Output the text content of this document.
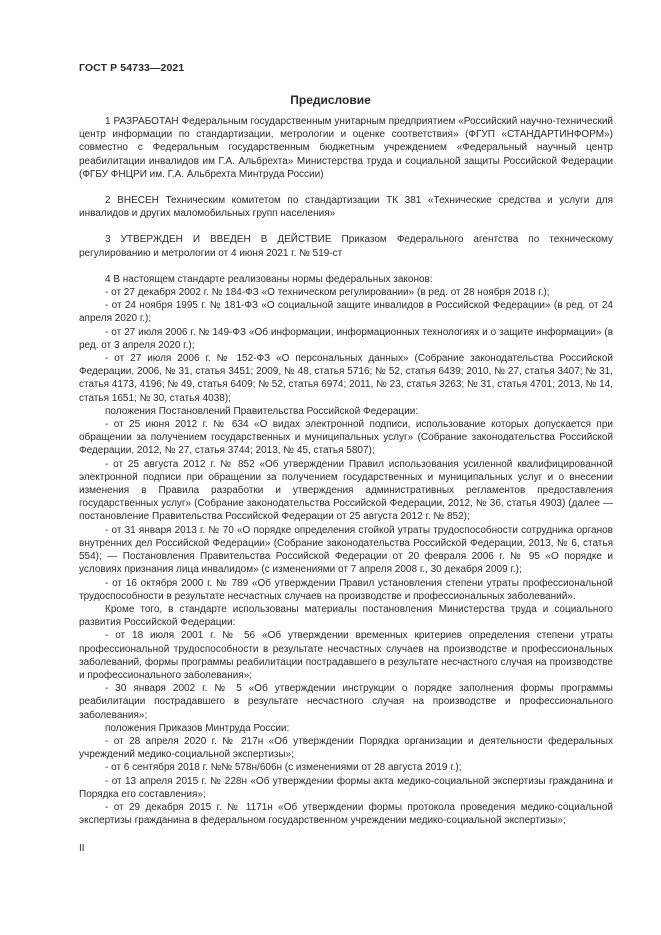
ГОСТ Р 54733—2021
Предисловие

1 РАЗРАБОТАН Федеральным государственным унитарным предприятием «Российский научно-технический центр информации по стандартизации, метрологии и оценке соответствия» (ФГУП «СТАНДАРТИНФОРМ») совместно с Федеральным государственным бюджетным учреждением «Федеральный научный центр реабилитации инвалидов им Г.А. Альбрехта» Министерства труда и социальной защиты Российской Федерации (ФГБУ ФНЦРИ им. Г.А. Альбрехта Минтруда России)

2 ВНЕСЕН Техническим комитетом по стандартизации ТК 381 «Технические средства и услуги для инвалидов и других маломобильных групп населения»

3 УТВЕРЖДЕН И ВВЕДЕН В ДЕЙСТВИЕ Приказом Федерального агентства по техническому регулированию и метрологии от 4 июня 2021 г. № 519-ст

4 В настоящем стандарте реализованы нормы федеральных законов:

- от 27 декабря 2002 г. № 184-ФЗ «О техническом регулировании» (в ред. от 28 ноября 2018 г.);

- от 24 ноября 1995 г. № 181-ФЗ «О социальной защите инвалидов в Российской Федерации» (в ред. от 24 апреля 2020 г.);

- от 27 июля 2006 г. № 149-ФЗ «Об информации, информационных технологиях и о защите информации» (в ред. от 3 апреля 2020 г.);

- от 27 июля 2006 г. № 152-ФЗ «О персональных данных» (Собрание законодательства Российской Федерации, 2006, № 31, статья 3451; 2009, № 48, статья 5716; № 52, статья 6439; 2010, № 27, статья 3407; № 31, статья 4173, 4196; № 49, статья 6409; № 52, статья 6974; 2011, № 23, статья 3263; № 31, статья 4701; 2013, № 14, статья 1651; № 30, статья 4038);

положения Постановлений Правительства Российской Федерации:

- от 25 июня 2012 г. № 634 «О видах электронной подписи, использование которых допускается при обращении за получением государственных и муниципальных услуг» (Собрание законодательства Российской Федерации, 2012, № 27, статья 3744; 2013, № 45, статья 5807);

- от 25 августа 2012 г. № 852 «Об утверждении Правил использования усиленной квалифицированной электронной подписи при обращении за получением государственных и муниципальных услуг и о внесении изменения в Правила разработки и утверждения административных регламентов предоставления государственных услуг» (Собрание законодательства Российской Федерации, 2012, № 36, статья 4903) (далее — постановление Правительства Российской Федерации от 25 августа 2012 г. № 852);

- от 31 января 2013 г. № 70 «О порядке определения стойкой утраты трудоспособности сотрудника органов внутренних дел Российской Федерации» (Собрание законодательства Российской Федерации, 2013, № 6, статья 554); — Постановления Правительства Российской Федерации от 20 февраля 2006 г. № 95 «О порядке и условиях признания лица инвалидом» (с изменениями от 7 апреля 2008 г., 30 декабря 2009 г.);

- от 16 октября 2000 г. № 789 «Об утверждении Правил установления степени утраты профессиональной трудоспособности в результате несчастных случаев на производстве и профессиональных заболеваний».

Кроме того, в стандарте использованы материалы постановления Министерства труда и социального развития Российской Федерации:

- от 18 июля 2001 г. № 56 «Об утверждении временных критериев определения степени утраты профессиональной трудоспособности в результате несчастных случаев на производстве и профессиональных заболеваний, формы программы реабилитации пострадавшего в результате несчастного случая на производстве и профессионального заболевания»;

- 30 января 2002 г. № 5 «Об утверждении инструкции о порядке заполнения формы программы реабилитации пострадавшего в результате несчастного случая на производстве и профессионального заболевания»;

положения Приказов Минтруда России:

- от 28 апреля 2020 г. № 217н «Об утверждении Порядка организации и деятельности федеральных учреждений медико-социальной экспертизы»;

- от 6 сентября 2018 г. №№ 578н/606н (с изменениями от 28 августа 2019 г.);

- от 13 апреля 2015 г. № 228н «Об утверждении формы акта медико-социальной экспертизы гражданина и Порядка его составления»;

- от 29 декабря 2015 г. № 1171н «Об утверждении формы протокола проведения медико-социальной экспертизы гражданина в федеральном государственном учреждении медико-социальной экспертизы»;

II
